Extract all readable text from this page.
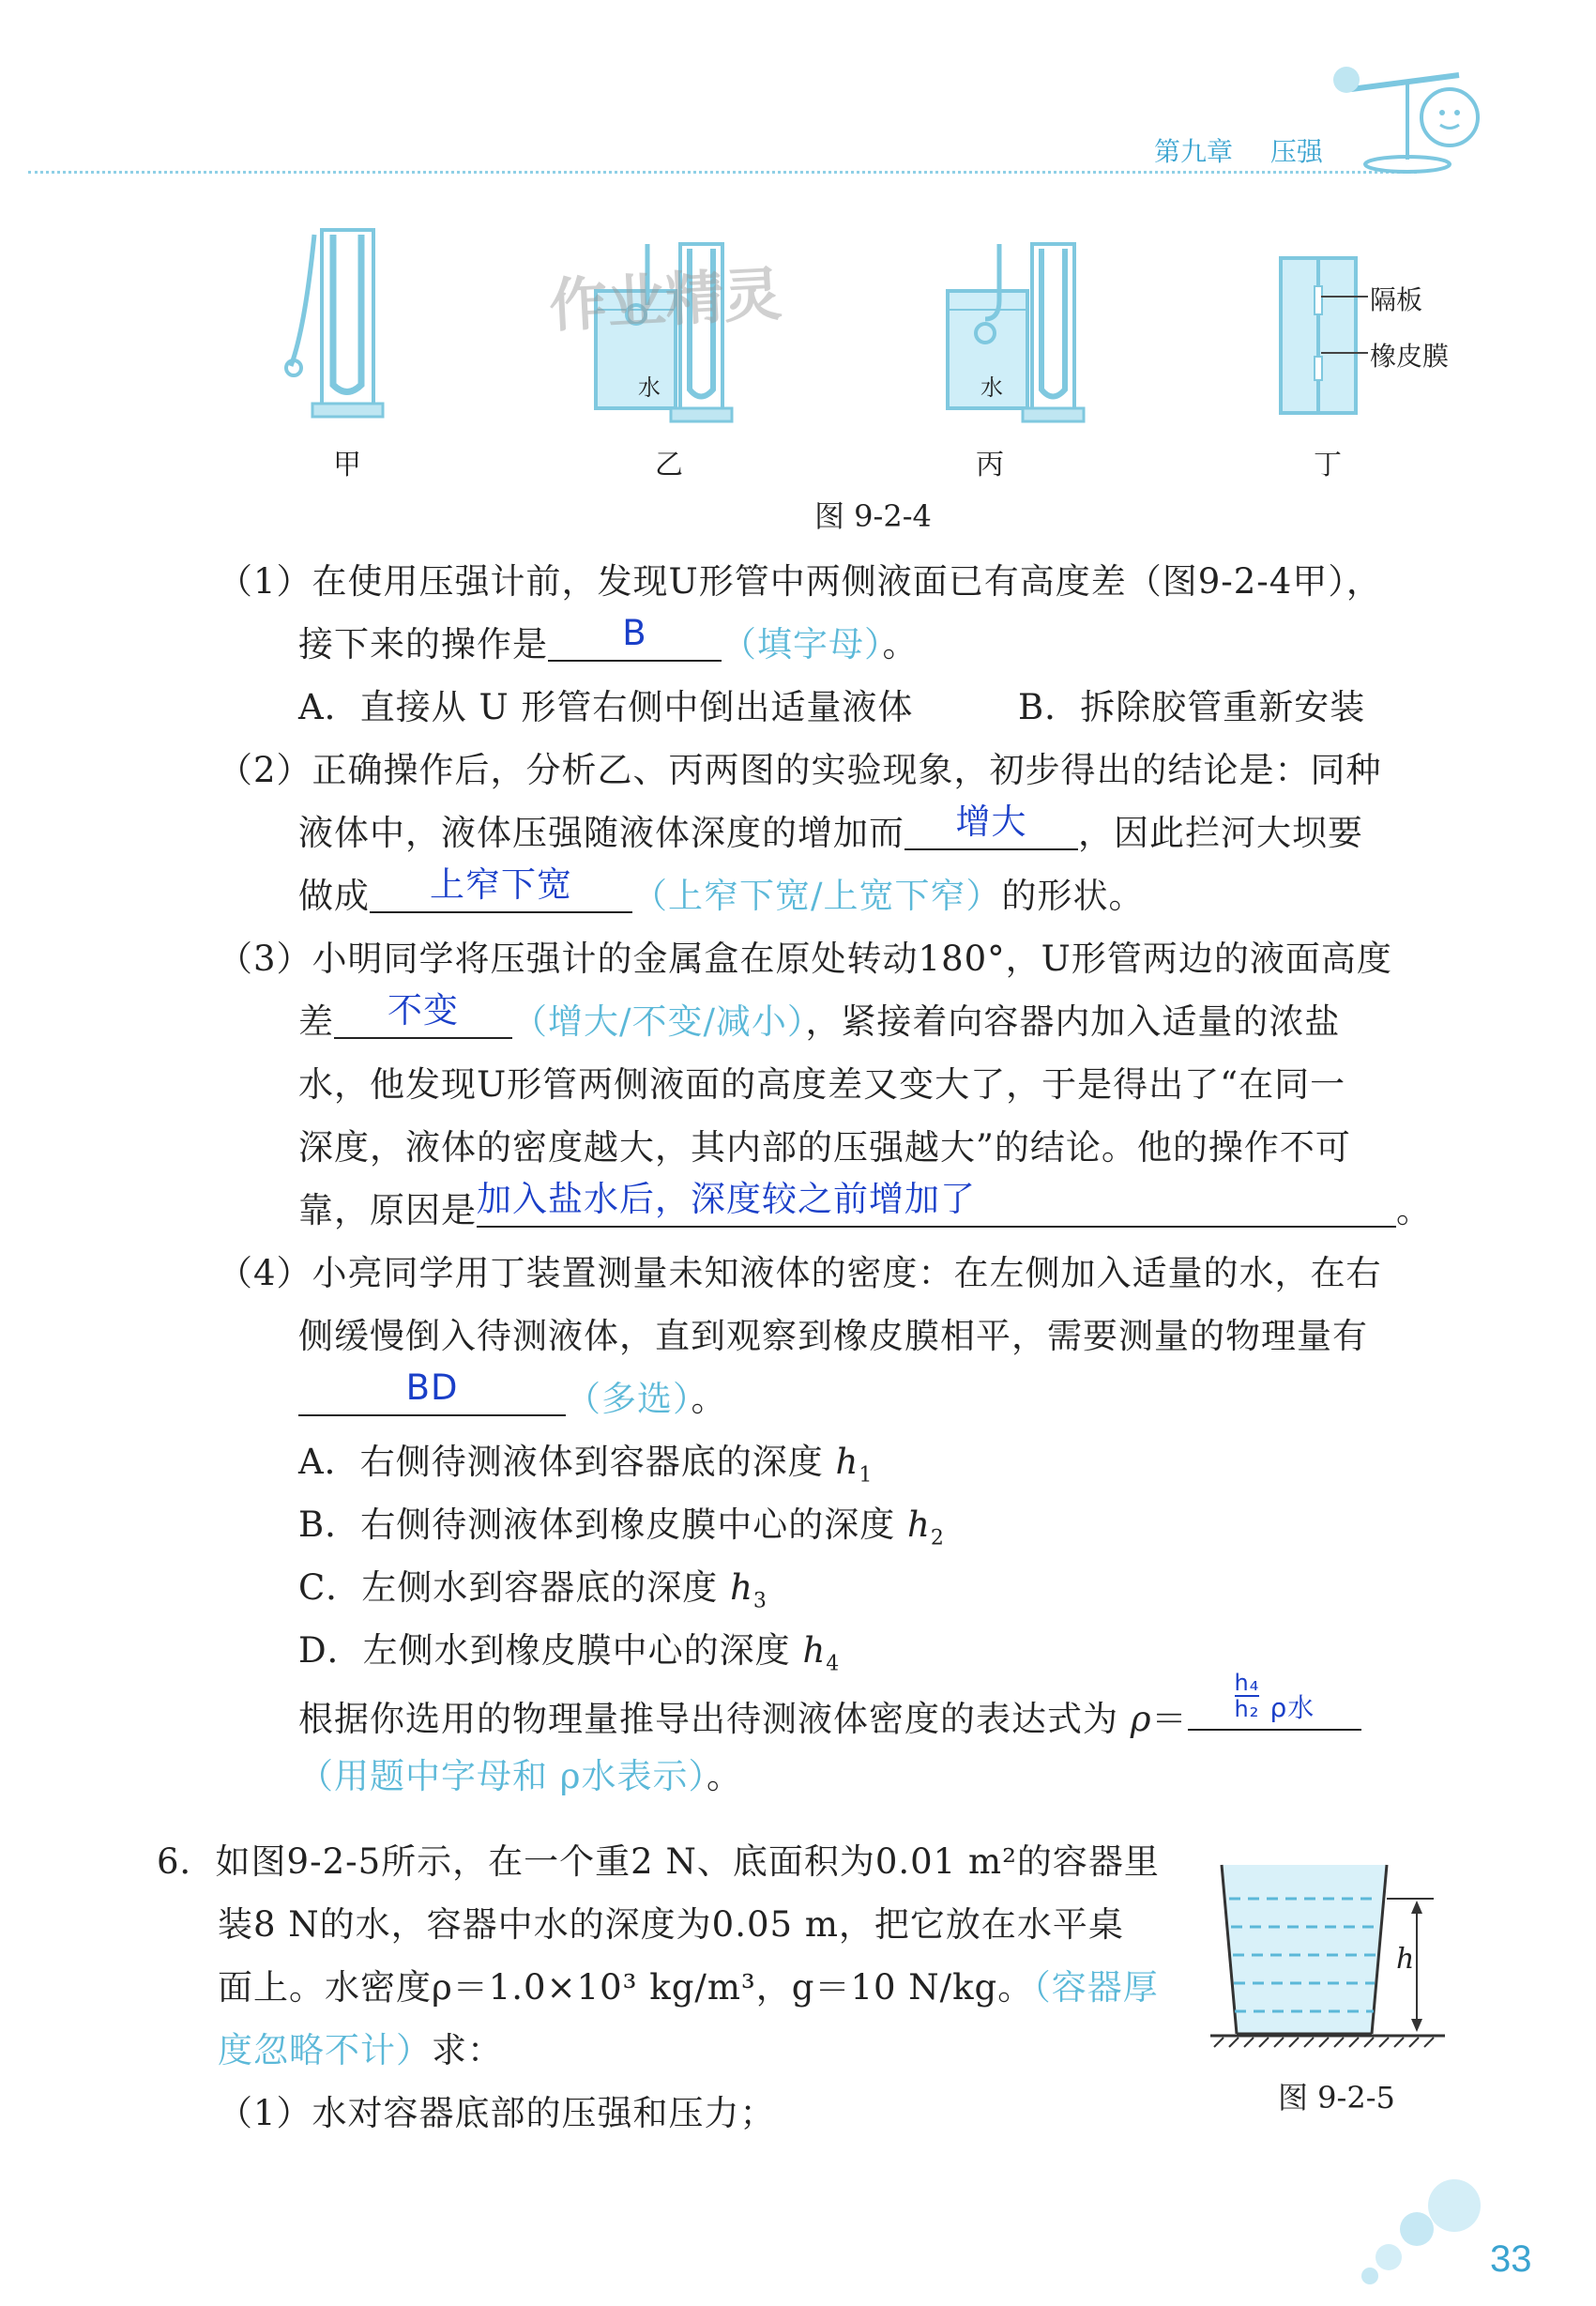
第九章 压强
水	水
隔板
橡皮膜
甲	乙	丙	丁
图 9-2-4
作业精灵
（1）在使用压强计前，发现U形管中两侧液面已有高度差（图9-2-4甲），
接下来的操作是 B （填字母）。
A．直接从 U 形管右侧中倒出适量液体	B．拆除胶管重新安装
（2）正确操作后，分析乙、丙两图的实验现象，初步得出的结论是：同种
液体中，液体压强随液体深度的增加而 增大 ，因此拦河大坝要
做成 上窄下宽 （上窄下宽/上宽下窄）的形状。
（3）小明同学将压强计的金属盒在原处转动180°，U形管两边的液面高度
差 不变 （增大/不变/减小），紧接着向容器内加入适量的浓盐
水，他发现U形管两侧液面的高度差又变大了，于是得出了“在同一
深度，液体的密度越大，其内部的压强越大”的结论。他的操作不可
靠，原因是加入盐水后，深度较之前增加了	。
（4）小亮同学用丁装置测量未知液体的密度：在左侧加入适量的水，在右
侧缓慢倒入待测液体，直到观察到橡皮膜相平，需要测量的物理量有
BD	（多选）。
A．右侧待测液体到容器底的深度 $h_1$
B．右侧待测液体到橡皮膜中心的深度 $h_2$
C．左侧水到容器底的深度 $h_3$
D．左侧水到橡皮膜中心的深度 $h_4$
根据你选用的物理量推导出待测液体密度的表达式为 $\rho= \frac{\text{h₄}}{\text{h₂}}$ ρ水
（用题中字母和 ρ水表示）。
6．如图9-2-5所示，在一个重2 N、底面积为0.01 m²的容器里
装8 N的水，容器中水的深度为0.05 m，把它放在水平桌
面上。水密度ρ＝1.0×10³ kg/m³，g＝10 N/kg。（容器厚
度忽略不计）求：
（1）水对容器底部的压强和压力；
h
图 9-2-5
33
